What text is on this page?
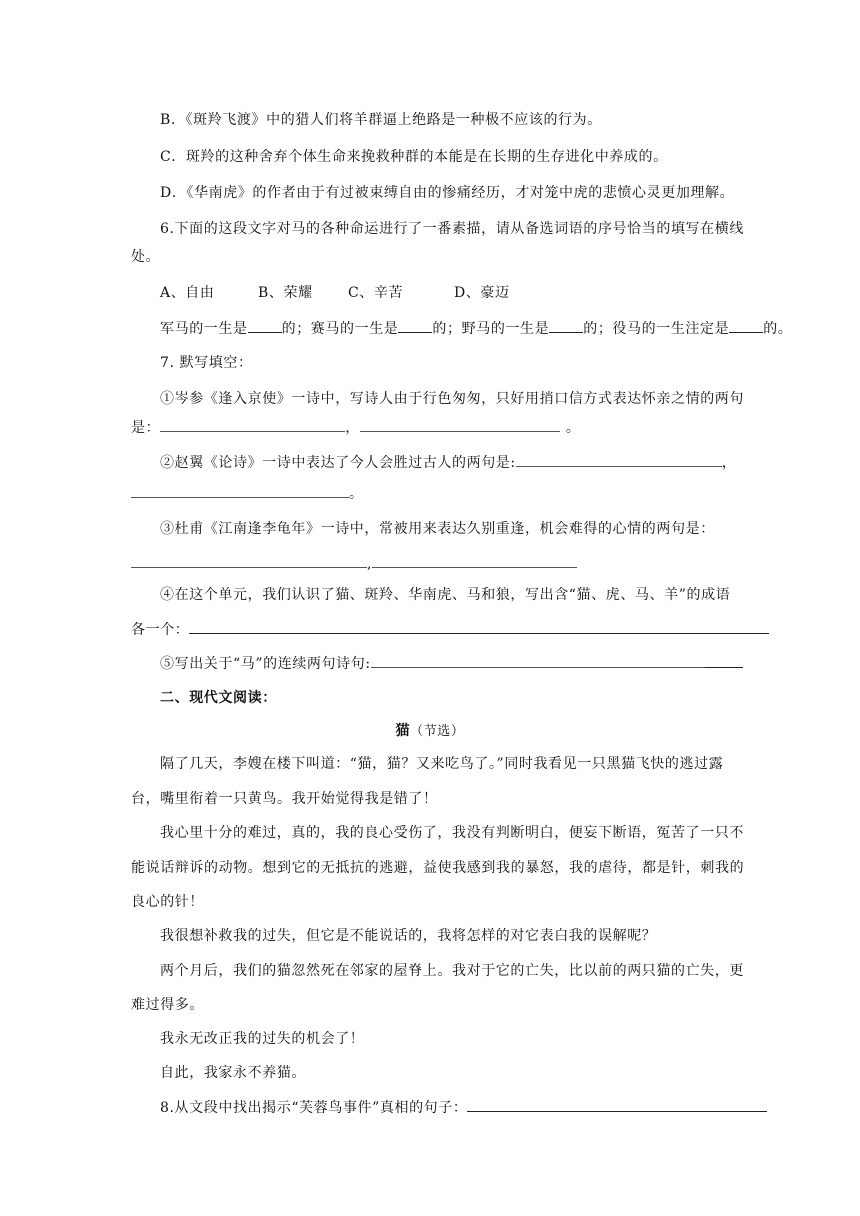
B．《斑羚飞渡》中的猎人们将羊群逼上绝路是一种极不应该的行为。

C．斑羚的这种舍弃个体生命来挽救种群的本能是在长期的生存进化中养成的。

D．《华南虎》的作者由于有过被束缚自由的惨痛经历，才对笼中虎的悲愤心灵更加理解。

6.下面的这段文字对马的各种命运进行了一番素描，请从备选词语的序号恰当的填写在横线

处。

A、自由	B、荣耀	C、辛苦	D、豪迈

军马的一生是 的；赛马的一生是 的；野马的一生是 的；役马的一生注定是 的。

7. 默写填空：

①岑参《逢入京使》一诗中，写诗人由于行色匆匆，只好用捎口信方式表达怀亲之情的两句

是：	，	。

②赵翼《论诗》一诗中表达了今人会胜过古人的两句是:	，

。

③杜甫《江南逢李龟年》一诗中，常被用来表达久别重逢，机会难得的心情的两句是：

,

④在这个单元，我们认识了猫、斑羚、华南虎、马和狼，写出含“猫、虎、马、羊”的成语

各一个：

⑤写出关于“马”的连续两句诗句:

二、现代文阅读：

猫（节选）

隔了几天，李嫂在楼下叫道：“猫，猫？又来吃鸟了。”同时我看见一只黑猫飞快的逃过露

台，嘴里衔着一只黄鸟。我开始觉得我是错了！

我心里十分的难过，真的，我的良心受伤了，我没有判断明白，便妄下断语，冤苦了一只不

能说话辩诉的动物。想到它的无抵抗的逃避，益使我感到我的暴怒，我的虐待，都是针，刺我的

良心的针！

我很想补救我的过失，但它是不能说话的，我将怎样的对它表白我的误解呢？

两个月后，我们的猫忽然死在邻家的屋脊上。我对于它的亡失，比以前的两只猫的亡失，更

难过得多。

我永无改正我的过失的机会了！

自此，我家永不养猫。

8.从文段中找出揭示“芙蓉鸟事件”真相的句子：
